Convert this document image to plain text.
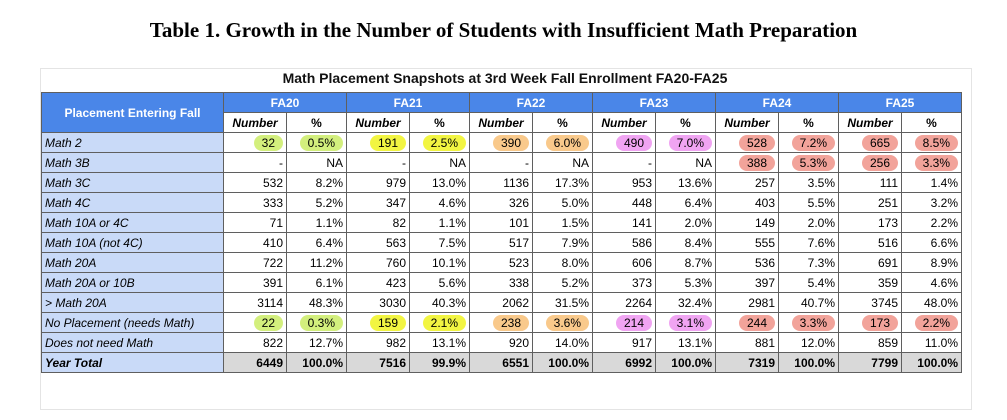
Table 1. Growth in the Number of Students with Insufficient Math Preparation
Math Placement Snapshots at 3rd Week Fall Enrollment FA20-FA25
Placement Entering Fall	FA20		FA21		FA22		FA23		FA24		FA25	
	Number	%	Number	%	Number	%	Number	%	Number	%	Number	%
Math 2	32	0.5%	191	2.5%	390	6.0%	490	7.0%	528	7.2%	665	8.5%
Math 3B	-	NA	-	NA	-	NA	-	NA	388	5.3%	256	3.3%
Math 3C	532	8.2%	979	13.0%	1136	17.3%	953	13.6%	257	3.5%	111	1.4%
Math 4C	333	5.2%	347	4.6%	326	5.0%	448	6.4%	403	5.5%	251	3.2%
Math 10A or 4C	71	1.1%	82	1.1%	101	1.5%	141	2.0%	149	2.0%	173	2.2%
Math 10A (not 4C)	410	6.4%	563	7.5%	517	7.9%	586	8.4%	555	7.6%	516	6.6%
Math 20A	722	11.2%	760	10.1%	523	8.0%	606	8.7%	536	7.3%	691	8.9%
Math 20A or 10B	391	6.1%	423	5.6%	338	5.2%	373	5.3%	397	5.4%	359	4.6%
> Math 20A	3114	48.3%	3030	40.3%	2062	31.5%	2264	32.4%	2981	40.7%	3745	48.0%
No Placement (needs Math)	22	0.3%	159	2.1%	238	3.6%	214	3.1%	244	3.3%	173	2.2%
Does not need Math	822	12.7%	982	13.1%	920	14.0%	917	13.1%	881	12.0%	859	11.0%
Year Total	6449	100.0%	7516	99.9%	6551	100.0%	6992	100.0%	7319	100.0%	7799	100.0%
